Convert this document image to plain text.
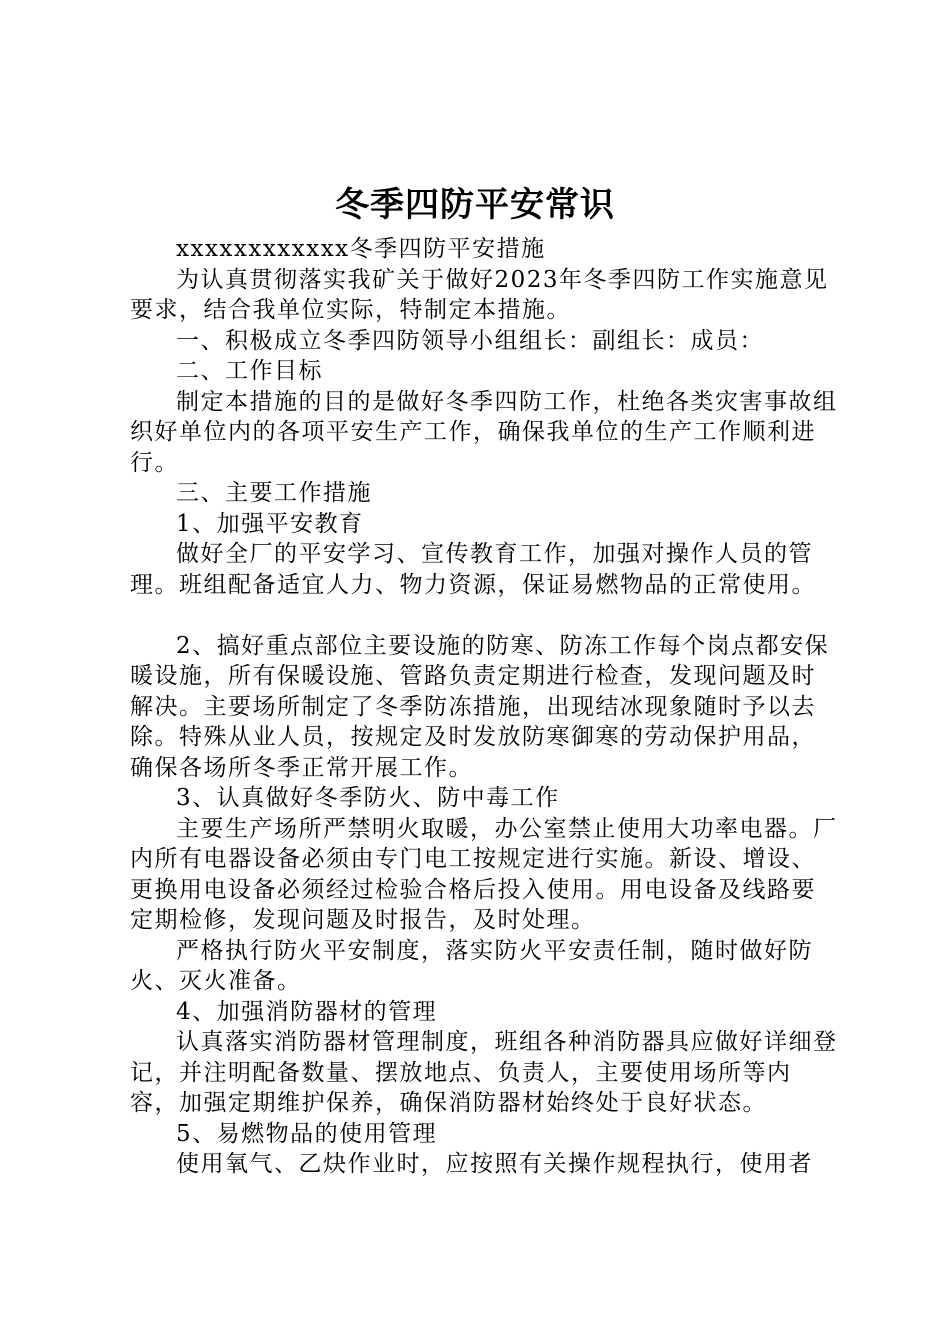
冬季四防平安常识

xxxxxxxxxxxx冬季四防平安措施

为认真贯彻落实我矿关于做好2023年冬季四防工作实施意见要求，结合我单位实际，特制定本措施。

一、积极成立冬季四防领导小组组长：副组长：成员：

二、工作目标

制定本措施的目的是做好冬季四防工作，杜绝各类灾害事故组织好单位内的各项平安生产工作，确保我单位的生产工作顺利进行。

三、主要工作措施

1、加强平安教育

做好全厂的平安学习、宣传教育工作，加强对操作人员的管理。班组配备适宜人力、物力资源，保证易燃物品的正常使用。

2、搞好重点部位主要设施的防寒、防冻工作每个岗点都安保暖设施，所有保暖设施、管路负责定期进行检查，发现问题及时解决。主要场所制定了冬季防冻措施，出现结冰现象随时予以去除。特殊从业人员，按规定及时发放防寒御寒的劳动保护用品，确保各场所冬季正常开展工作。

3、认真做好冬季防火、防中毒工作

主要生产场所严禁明火取暖，办公室禁止使用大功率电器。厂内所有电器设备必须由专门电工按规定进行实施。新设、增设、更换用电设备必须经过检验合格后投入使用。用电设备及线路要定期检修，发现问题及时报告，及时处理。

严格执行防火平安制度，落实防火平安责任制，随时做好防火、灭火准备。

4、加强消防器材的管理

认真落实消防器材管理制度，班组各种消防器具应做好详细登记，并注明配备数量、摆放地点、负责人，主要使用场所等内容，加强定期维护保养，确保消防器材始终处于良好状态。

5、易燃物品的使用管理

使用氧气、乙炔作业时，应按照有关操作规程执行，使用者
